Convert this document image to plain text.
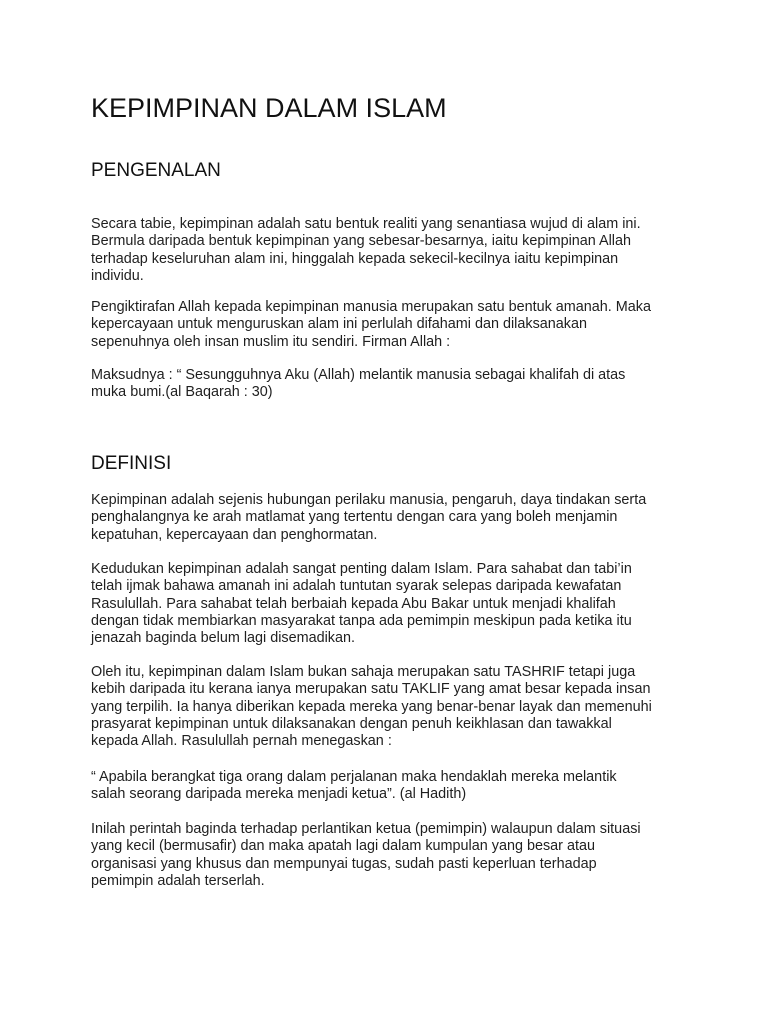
KEPIMPINAN DALAM ISLAM
PENGENALAN

Secara tabie, kepimpinan adalah satu bentuk realiti yang senantiasa wujud di alam ini.
Bermula daripada bentuk kepimpinan yang sebesar-besarnya, iaitu kepimpinan Allah
terhadap keseluruhan alam ini, hinggalah kepada sekecil-kecilnya iaitu kepimpinan
individu.

Pengiktirafan Allah kepada kepimpinan manusia merupakan satu bentuk amanah. Maka
kepercayaan untuk menguruskan alam ini perlulah difahami dan dilaksanakan
sepenuhnya oleh insan muslim itu sendiri. Firman Allah :

Maksudnya : “ Sesungguhnya Aku (Allah) melantik manusia sebagai khalifah di atas
muka bumi.(al Baqarah : 30)

DEFINISI

Kepimpinan adalah sejenis hubungan perilaku manusia, pengaruh, daya tindakan serta
penghalangnya ke arah matlamat yang tertentu dengan cara yang boleh menjamin
kepatuhan, kepercayaan dan penghormatan.

Kedudukan kepimpinan adalah sangat penting dalam Islam. Para sahabat dan tabi’in
telah ijmak bahawa amanah ini adalah tuntutan syarak selepas daripada kewafatan
Rasulullah. Para sahabat telah berbaiah kepada Abu Bakar untuk menjadi khalifah
dengan tidak membiarkan masyarakat tanpa ada pemimpin meskipun pada ketika itu
jenazah baginda belum lagi disemadikan.

Oleh itu, kepimpinan dalam Islam bukan sahaja merupakan satu TASHRIF tetapi juga
kebih daripada itu kerana ianya merupakan satu TAKLIF yang amat besar kepada insan
yang terpilih. Ia hanya diberikan kepada mereka yang benar-benar layak dan memenuhi
prasyarat kepimpinan untuk dilaksanakan dengan penuh keikhlasan dan tawakkal
kepada Allah. Rasulullah pernah menegaskan :

“ Apabila berangkat tiga orang dalam perjalanan maka hendaklah mereka melantik
salah seorang daripada mereka menjadi ketua”. (al Hadith)

Inilah perintah baginda terhadap perlantikan ketua (pemimpin) walaupun dalam situasi
yang kecil (bermusafir) dan maka apatah lagi dalam kumpulan yang besar atau
organisasi yang khusus dan mempunyai tugas, sudah pasti keperluan terhadap
pemimpin adalah terserlah.
